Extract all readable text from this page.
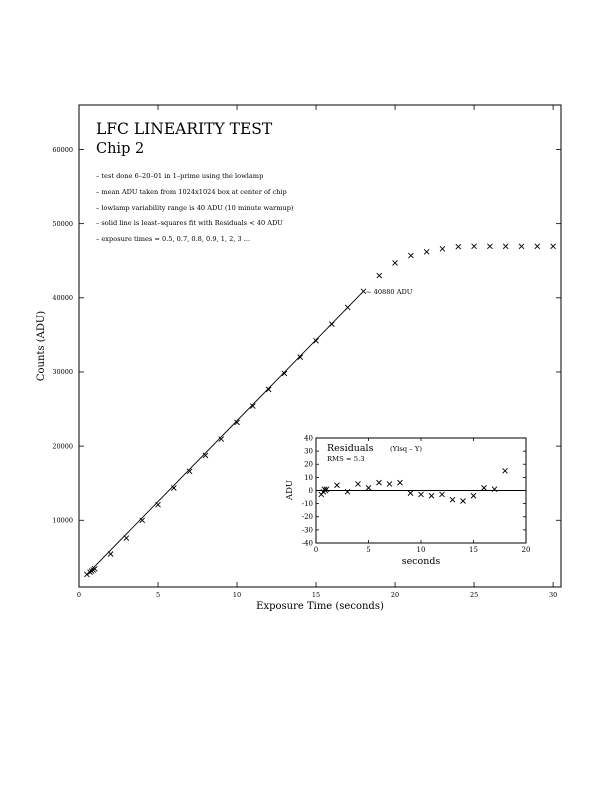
0	5	10	15	20	25	30
10000
20000
30000
40000
50000
60000
LFC LINEARITY TEST
Chip 2
– test done 6–20–01 in 1–prime using the lowlamp
– mean ADU taken from 1024x1024 box at center of chip
– lowlamp variability range is 40 ADU (10 minute warmup)
– solid line is least–squares fit with Residuals < 40 ADU
– exposure times = 0.5, 0.7, 0.8, 0.9, 1, 2, 3 ...
~ 40880 ADU
Exposure Time (seconds)
Counts (ADU)
0	5	10	15	20
-40
-30
-20
-10
0
10
20
30
40
Residuals (Ylsq – Y)
RMS = 5.3
seconds
ADU
